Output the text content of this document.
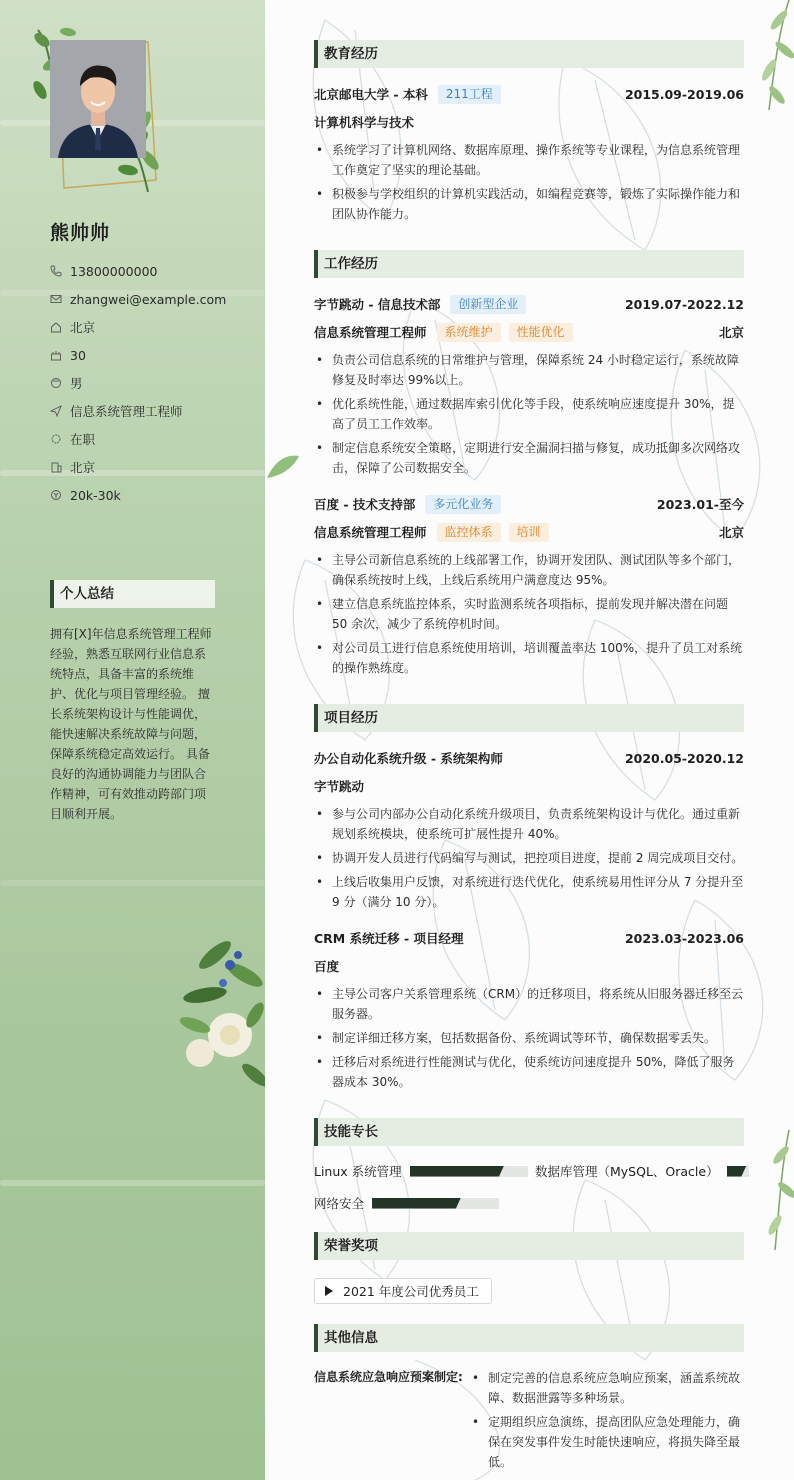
熊帅帅
13800000000
zhangwei@example.com
北京
30
男
信息系统管理工程师
在职
北京
20k-30k
个人总结
拥有[X]年信息系统管理工程师经验，熟悉互联网行业信息系统特点，具备丰富的系统维护、优化与项目管理经验。 擅长系统架构设计与性能调优，能快速解决系统故障与问题，保障系统稳定高效运行。 具备良好的沟通协调能力与团队合作精神，可有效推动跨部门项目顺利开展。
教育经历
北京邮电大学 - 本科	211工程	2015.09-2019.06
计算机科学与技术
• 系统学习了计算机网络、数据库原理、操作系统等专业课程，为信息系统管理工作奠定了坚实的理论基础。
• 积极参与学校组织的计算机实践活动，如编程竞赛等，锻炼了实际操作能力和团队协作能力。
工作经历
字节跳动 - 信息技术部	创新型企业	2019.07-2022.12
信息系统管理工程师	系统维护	性能优化	北京
• 负责公司信息系统的日常维护与管理，保障系统 24 小时稳定运行，系统故障修复及时率达 99%以上。
• 优化系统性能，通过数据库索引优化等手段，使系统响应速度提升 30%，提高了员工工作效率。
• 制定信息系统安全策略，定期进行安全漏洞扫描与修复，成功抵御多次网络攻击，保障了公司数据安全。
百度 - 技术支持部	多元化业务	2023.01-至今
信息系统管理工程师	监控体系	培训	北京
• 主导公司新信息系统的上线部署工作，协调开发团队、测试团队等多个部门，确保系统按时上线，上线后系统用户满意度达 95%。
• 建立信息系统监控体系，实时监测系统各项指标，提前发现并解决潜在问题 50 余次，减少了系统停机时间。
• 对公司员工进行信息系统使用培训，培训覆盖率达 100%，提升了员工对系统的操作熟练度。
项目经历
办公自动化系统升级 - 系统架构师	2020.05-2020.12
字节跳动
• 参与公司内部办公自动化系统升级项目，负责系统架构设计与优化。通过重新规划系统模块，使系统可扩展性提升 40%。
• 协调开发人员进行代码编写与测试，把控项目进度，提前 2 周完成项目交付。
• 上线后收集用户反馈，对系统进行迭代优化，使系统易用性评分从 7 分提升至 9 分（满分 10 分）。
CRM 系统迁移 - 项目经理	2023.03-2023.06
百度
• 主导公司客户关系管理系统（CRM）的迁移项目，将系统从旧服务器迁移至云服务器。
• 制定详细迁移方案，包括数据备份、系统调试等环节，确保数据零丢失。
• 迁移后对系统进行性能测试与优化，使系统访问速度提升 50%，降低了服务器成本 30%。
技能专长
Linux 系统管理	数据库管理（MySQL、Oracle）
网络安全
荣誉奖项
2021 年度公司优秀员工
其他信息
信息系统应急响应预案制定:
•	制定完善的信息系统应急响应预案，涵盖系统故障、数据泄露等多种场景。
• 定期组织应急演练，提高团队应急处理能力，确保在突发事件发生时能快速响应，将损失降至最低。
